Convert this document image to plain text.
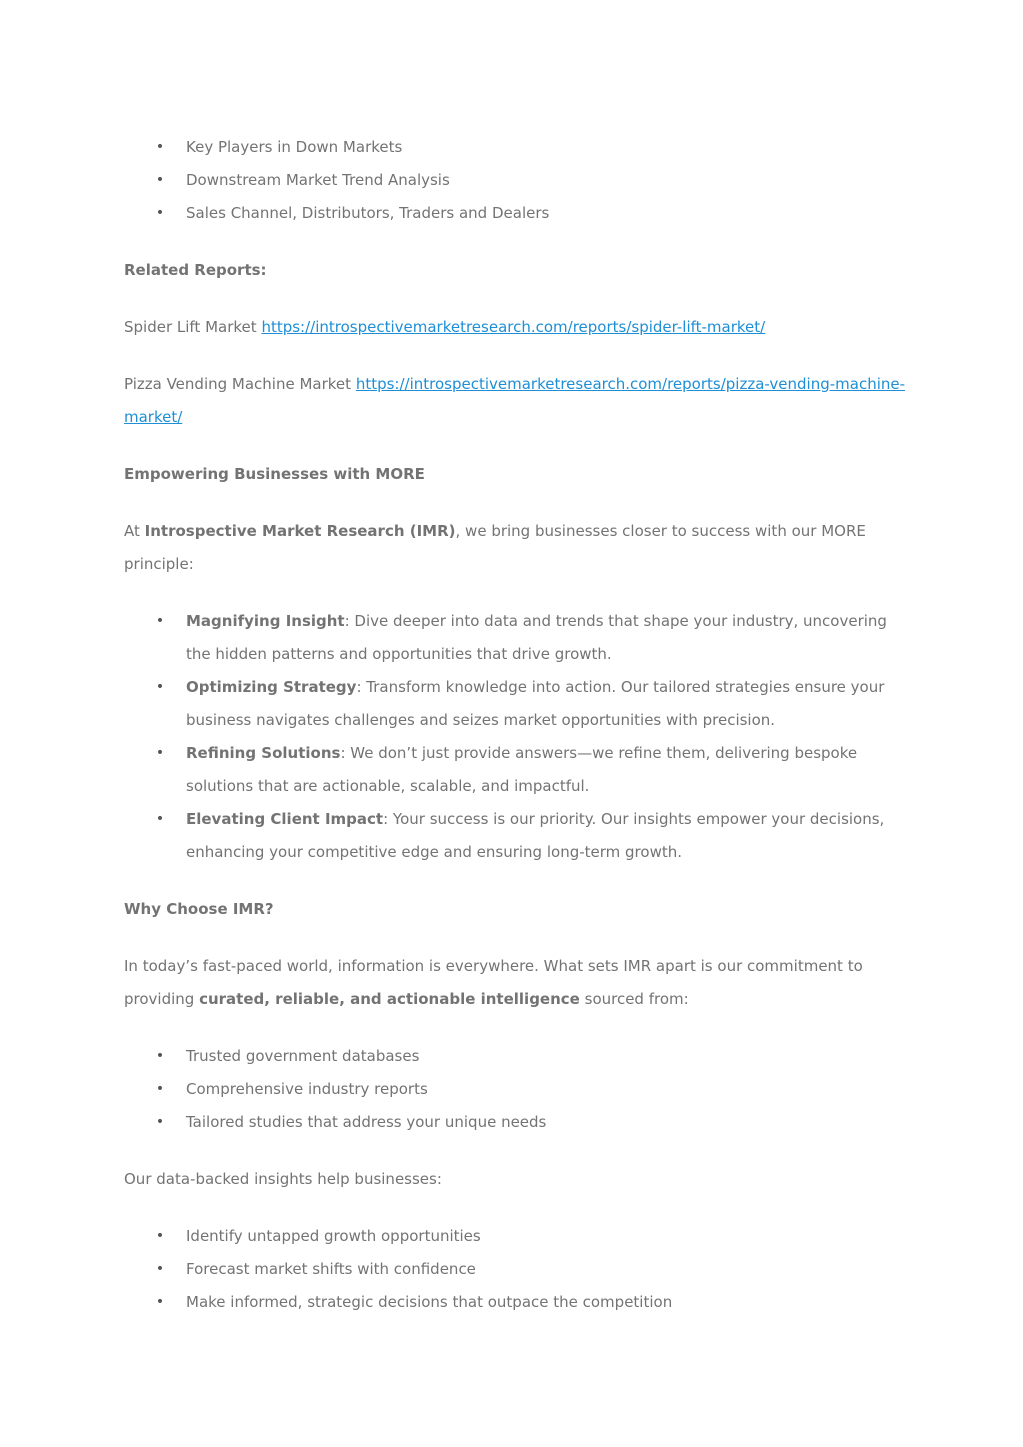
• Key Players in Down Markets
• Downstream Market Trend Analysis
• Sales Channel, Distributors, Traders and Dealers

Related Reports:

Spider Lift Market https://introspectivemarketresearch.com/reports/spider-lift-market/

Pizza Vending Machine Market https://introspectivemarketresearch.com/reports/pizza-vending-machine-market/

Empowering Businesses with MORE

At Introspective Market Research (IMR), we bring businesses closer to success with our MORE principle:

• Magnifying Insight: Dive deeper into data and trends that shape your industry, uncovering the hidden patterns and opportunities that drive growth.
• Optimizing Strategy: Transform knowledge into action. Our tailored strategies ensure your business navigates challenges and seizes market opportunities with precision.
• Refining Solutions: We don’t just provide answers—we refine them, delivering bespoke solutions that are actionable, scalable, and impactful.
• Elevating Client Impact: Your success is our priority. Our insights empower your decisions, enhancing your competitive edge and ensuring long-term growth.

Why Choose IMR?

In today’s fast-paced world, information is everywhere. What sets IMR apart is our commitment to providing curated, reliable, and actionable intelligence sourced from:

• Trusted government databases
• Comprehensive industry reports
• Tailored studies that address your unique needs

Our data-backed insights help businesses:

• Identify untapped growth opportunities
• Forecast market shifts with confidence
• Make informed, strategic decisions that outpace the competition
